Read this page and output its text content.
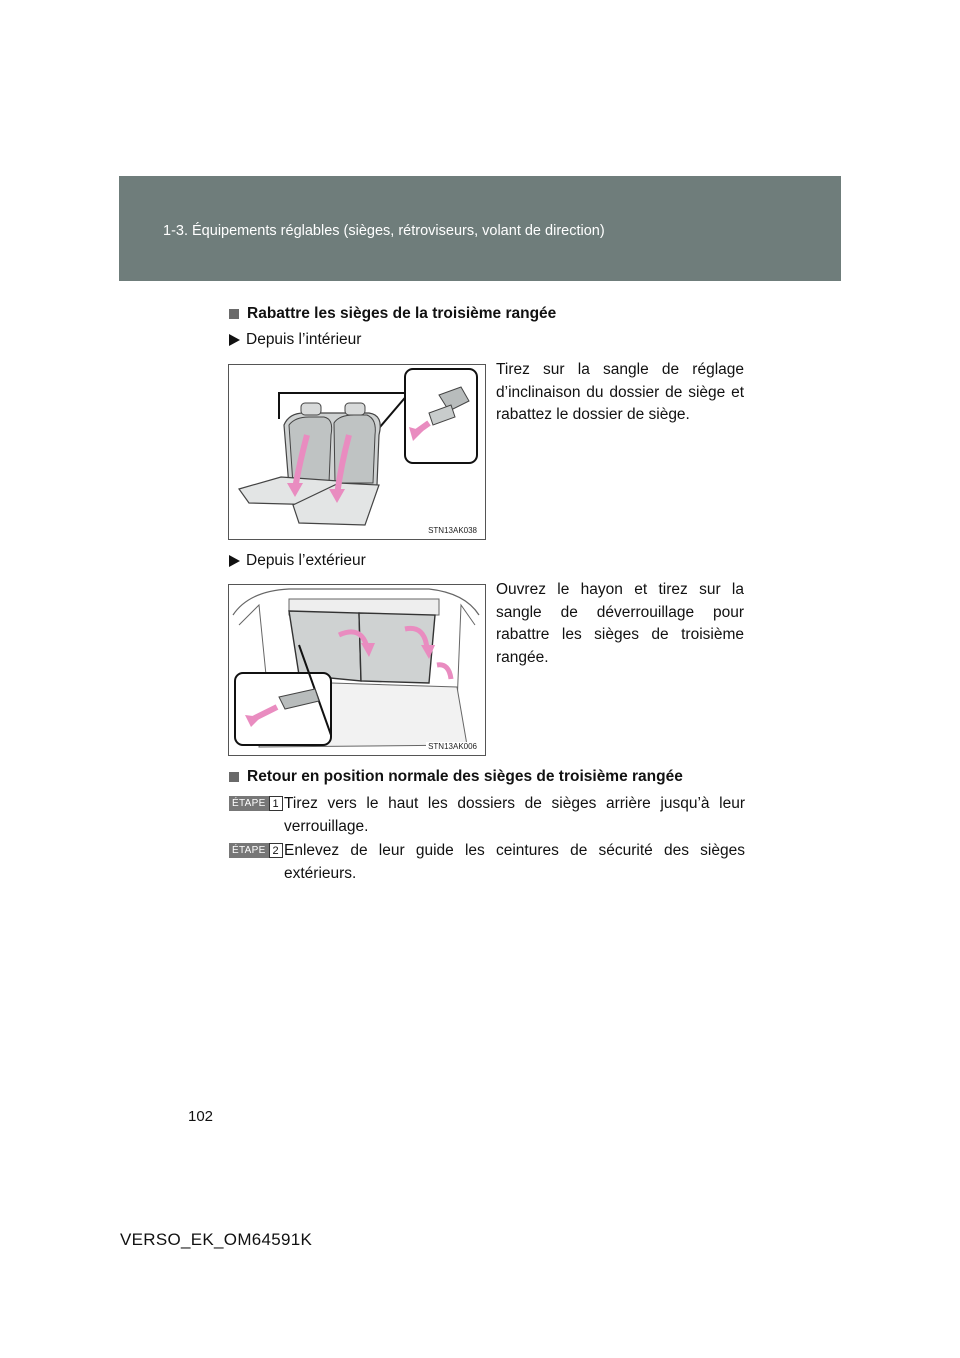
1-3. Équipements réglables (sièges, rétroviseurs, volant de direction)
Rabattre les sièges de la troisième rangée
Depuis l’intérieur
STN13AK038

Tirez sur la sangle de réglage d’inclinaison du dossier de siège et rabattez le dossier de siège.

Depuis l’extérieur
STN13AK006

Ouvrez le hayon et tirez sur la sangle de déverrouillage pour rabattre les sièges de troisième rangée.

Retour en position normale des sièges de troisième rangée
ÉTAPE 1 Tirez vers le haut les dossiers de sièges arrière jusqu’à leur verrouillage.

ÉTAPE 2 Enlevez de leur guide les ceintures de sécurité des sièges extérieurs.

102
VERSO_EK_OM64591K
